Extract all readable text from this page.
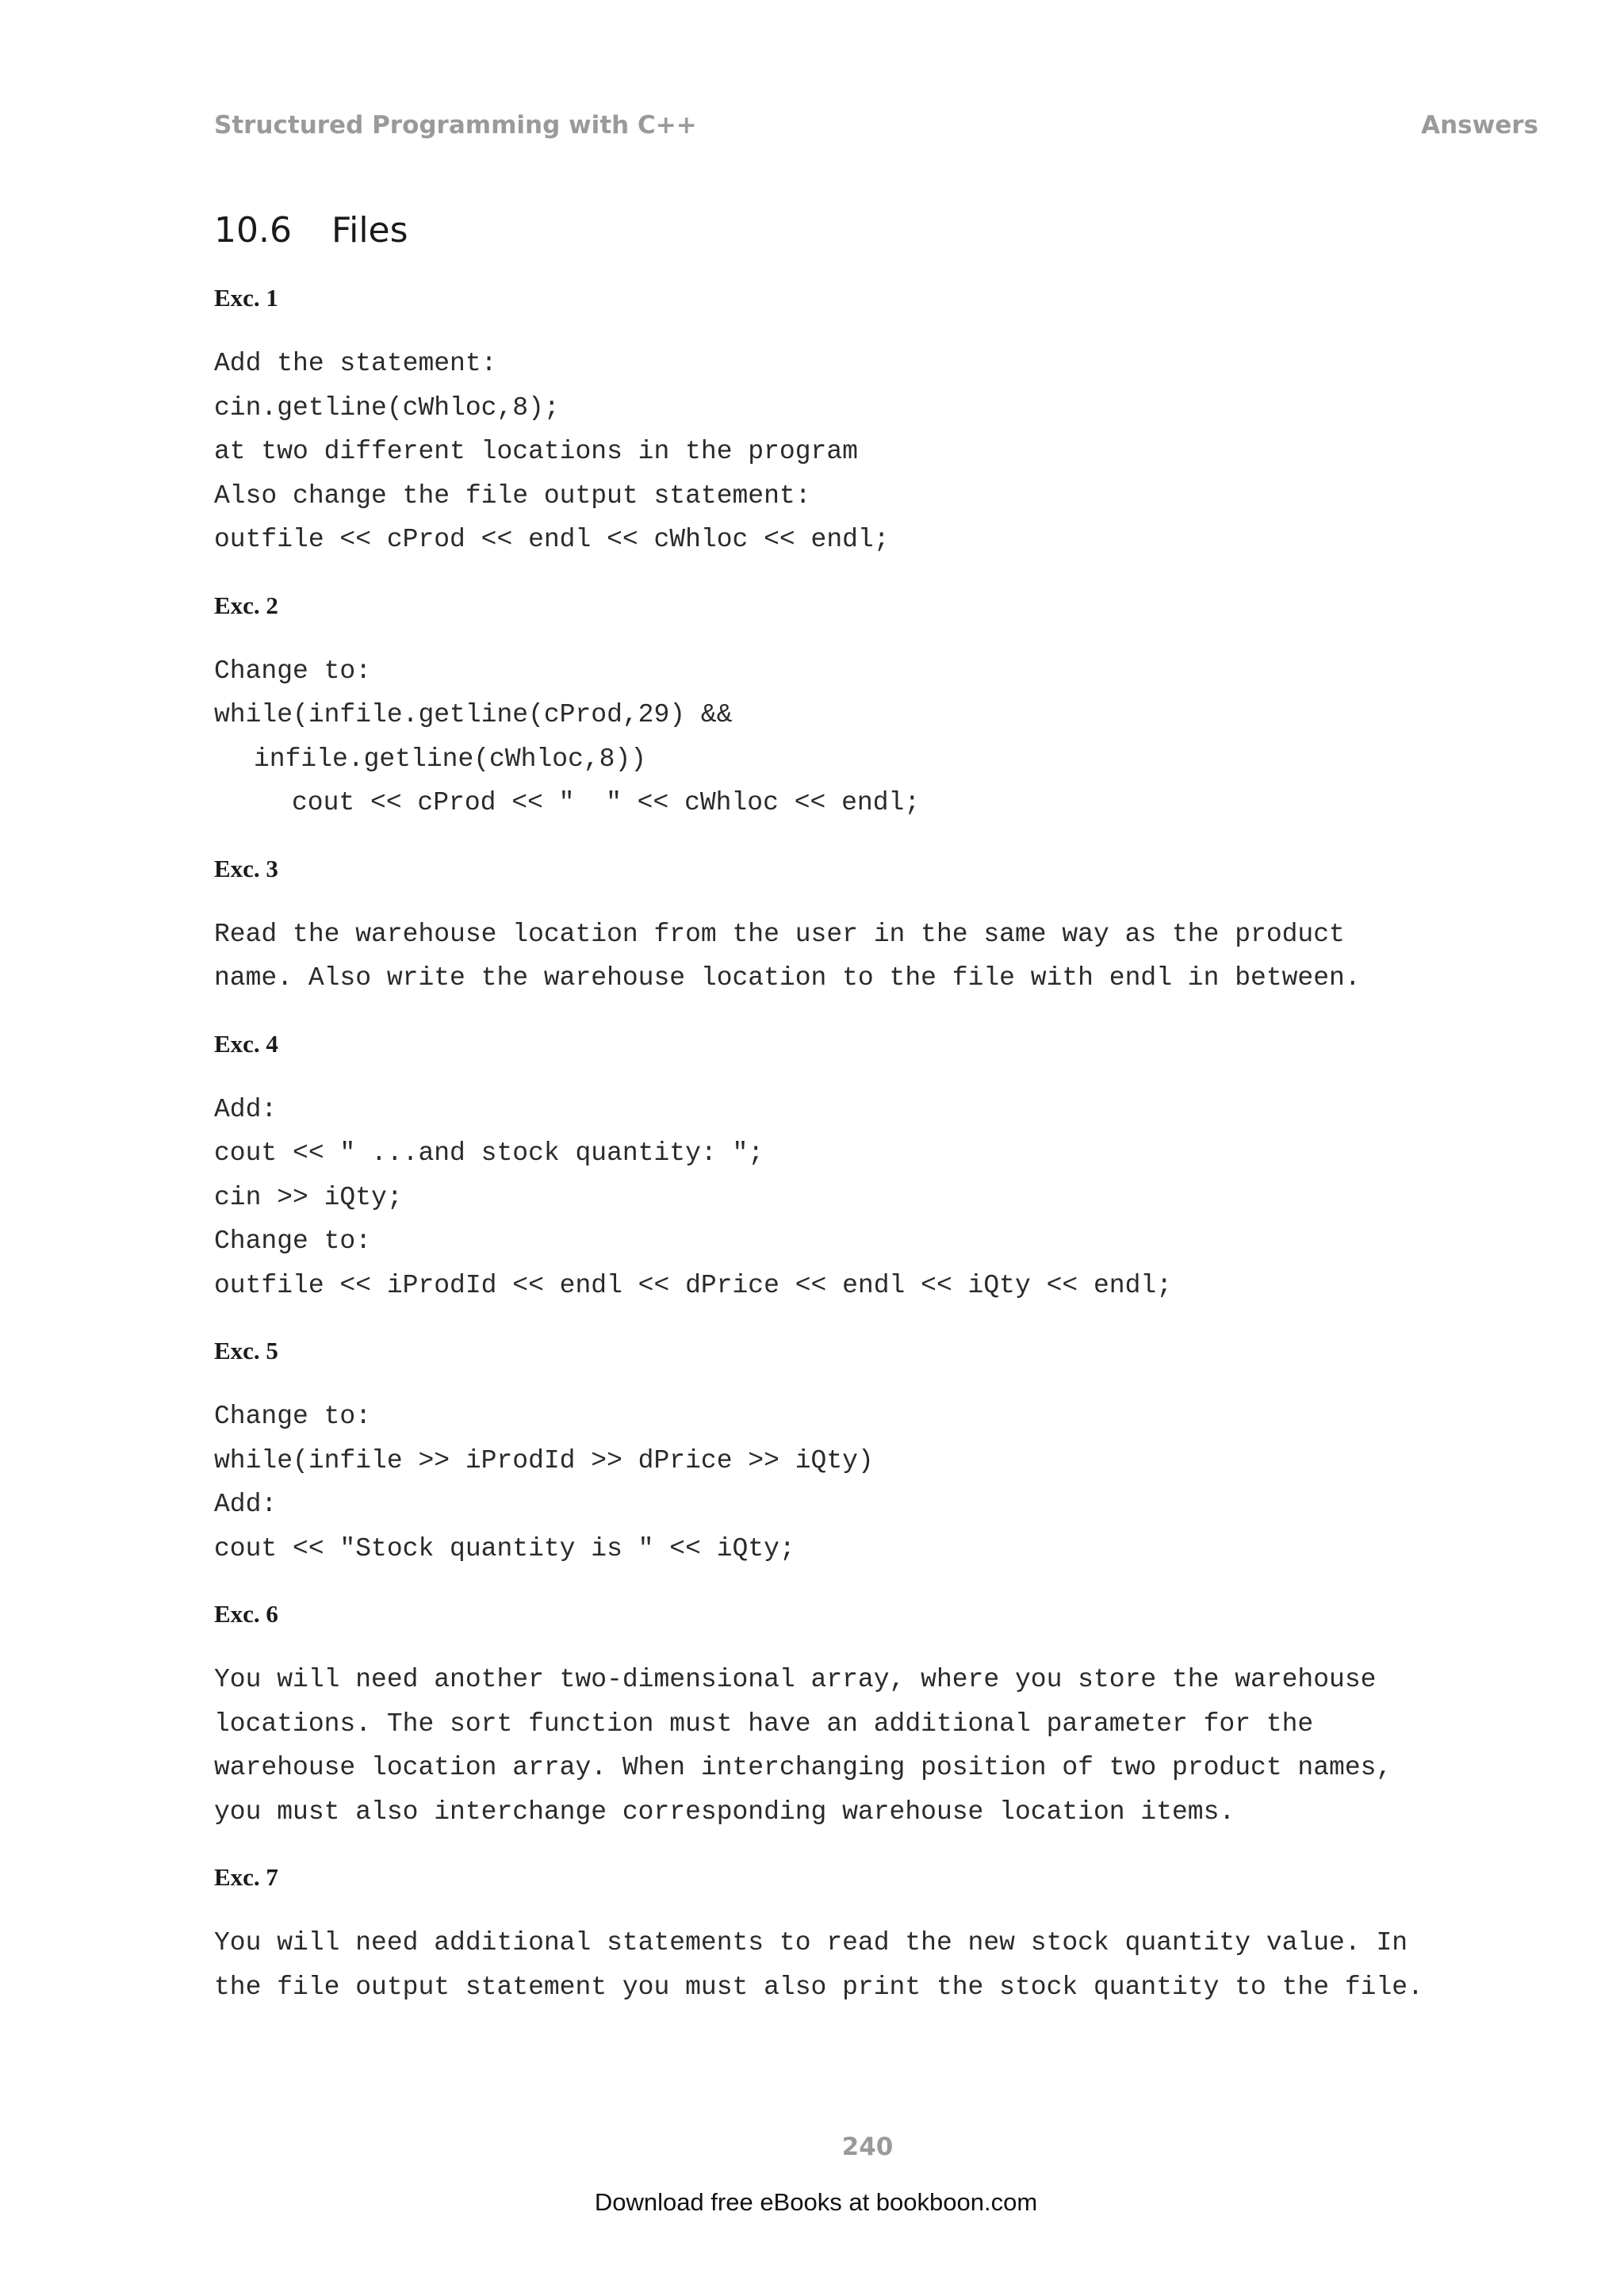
Structured Programming with C++	Answers
10.6	Files
Exc. 1
Add the statement:
cin.getline(cWhloc,8);
at two different locations in the program
Also change the file output statement:
outfile << cProd << endl << cWhloc << endl;
Exc. 2
Change to:
while(infile.getline(cProd,29) &&
infile.getline(cWhloc,8))
cout << cProd << "  " << cWhloc << endl;
Exc. 3
Read the warehouse location from the user in the same way as the product
name. Also write the warehouse location to the file with endl in between.
Exc. 4
Add:
cout << " ...and stock quantity: ";
cin >> iQty;
Change to:
outfile << iProdId << endl << dPrice << endl << iQty << endl;
Exc. 5
Change to:
while(infile >> iProdId >> dPrice >> iQty)
Add:
cout << "Stock quantity is " << iQty;
Exc. 6
You will need another two-dimensional array, where you store the warehouse
locations. The sort function must have an additional parameter for the
warehouse location array. When interchanging position of two product names,
you must also interchange corresponding warehouse location items.
Exc. 7
You will need additional statements to read the new stock quantity value. In
the file output statement you must also print the stock quantity to the file.
240
Download free eBooks at bookboon.com
